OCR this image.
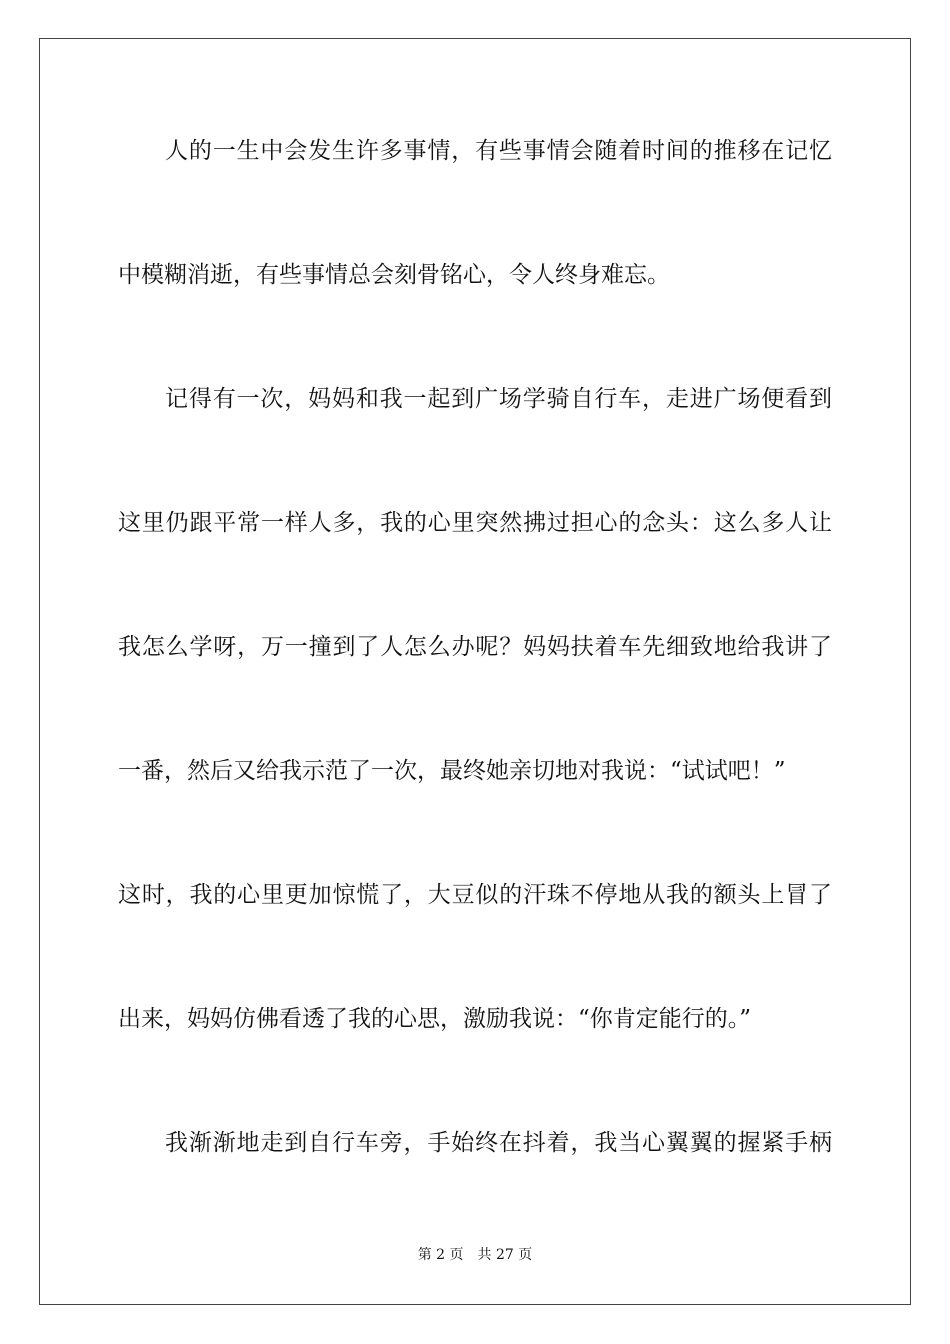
人的一生中会发生许多事情，有些事情会随着时间的推移在记忆
中模糊消逝，有些事情总会刻骨铭心，令人终身难忘。
记得有一次，妈妈和我一起到广场学骑自行车，走进广场便看到
这里仍跟平常一样人多，我的心里突然拂过担心的念头：这么多人让
我怎么学呀，万一撞到了人怎么办呢？妈妈扶着车先细致地给我讲了
一番，然后又给我示范了一次，最终她亲切地对我说：“试试吧！”
这时，我的心里更加惊慌了，大豆似的汗珠不停地从我的额头上冒了
出来，妈妈仿佛看透了我的心思，激励我说：“你肯定能行的。”
我渐渐地走到自行车旁，手始终在抖着，我当心翼翼的握紧手柄
第 2 页　共 27 页
